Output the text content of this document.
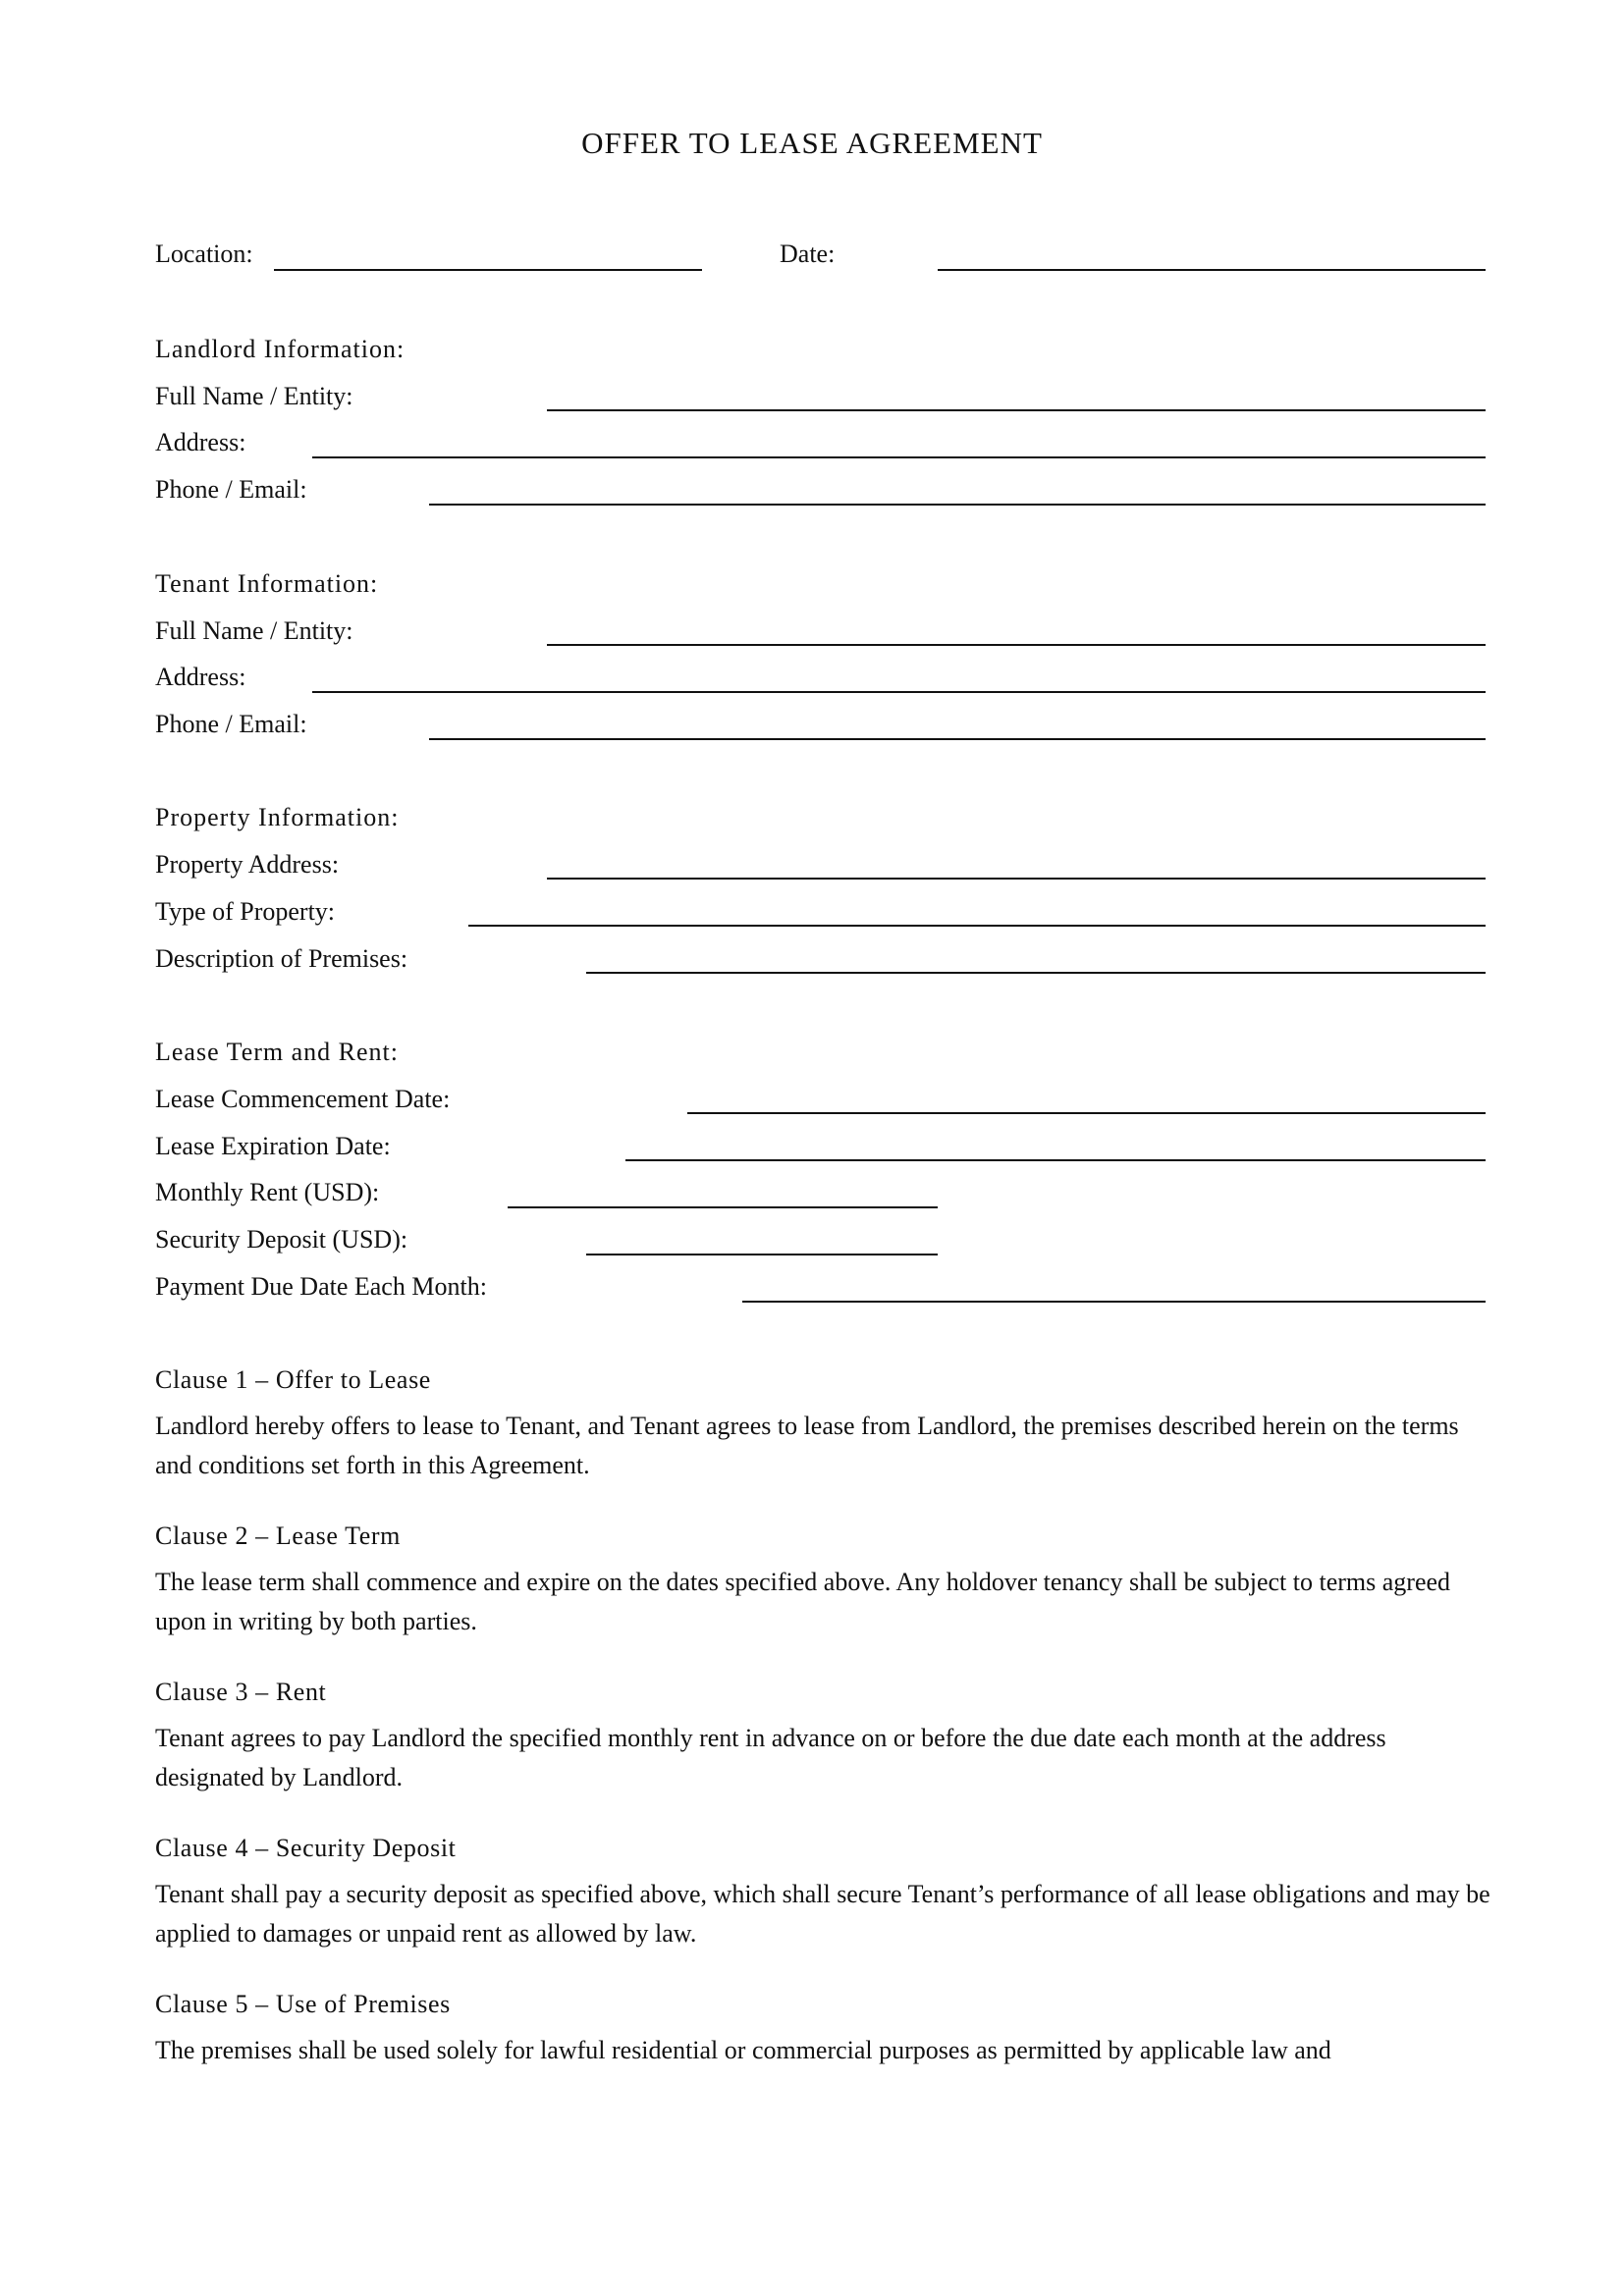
OFFER TO LEASE AGREEMENT
Location:	Date:
Landlord Information:
Full Name / Entity:
Address:
Phone / Email:
Tenant Information:
Full Name / Entity:
Address:
Phone / Email:
Property Information:
Property Address:
Type of Property:
Description of Premises:
Lease Term and Rent:
Lease Commencement Date:
Lease Expiration Date:
Monthly Rent (USD):
Security Deposit (USD):
Payment Due Date Each Month:
Clause 1 – Offer to Lease
Landlord hereby offers to lease to Tenant, and Tenant agrees to lease from Landlord, the premises described herein on the terms and conditions set forth in this Agreement.
Clause 2 – Lease Term
The lease term shall commence and expire on the dates specified above. Any holdover tenancy shall be subject to terms agreed upon in writing by both parties.
Clause 3 – Rent
Tenant agrees to pay Landlord the specified monthly rent in advance on or before the due date each month at the address designated by Landlord.
Clause 4 – Security Deposit
Tenant shall pay a security deposit as specified above, which shall secure Tenant’s performance of all lease obligations and may be applied to damages or unpaid rent as allowed by law.
Clause 5 – Use of Premises
The premises shall be used solely for lawful residential or commercial purposes as permitted by applicable law and
